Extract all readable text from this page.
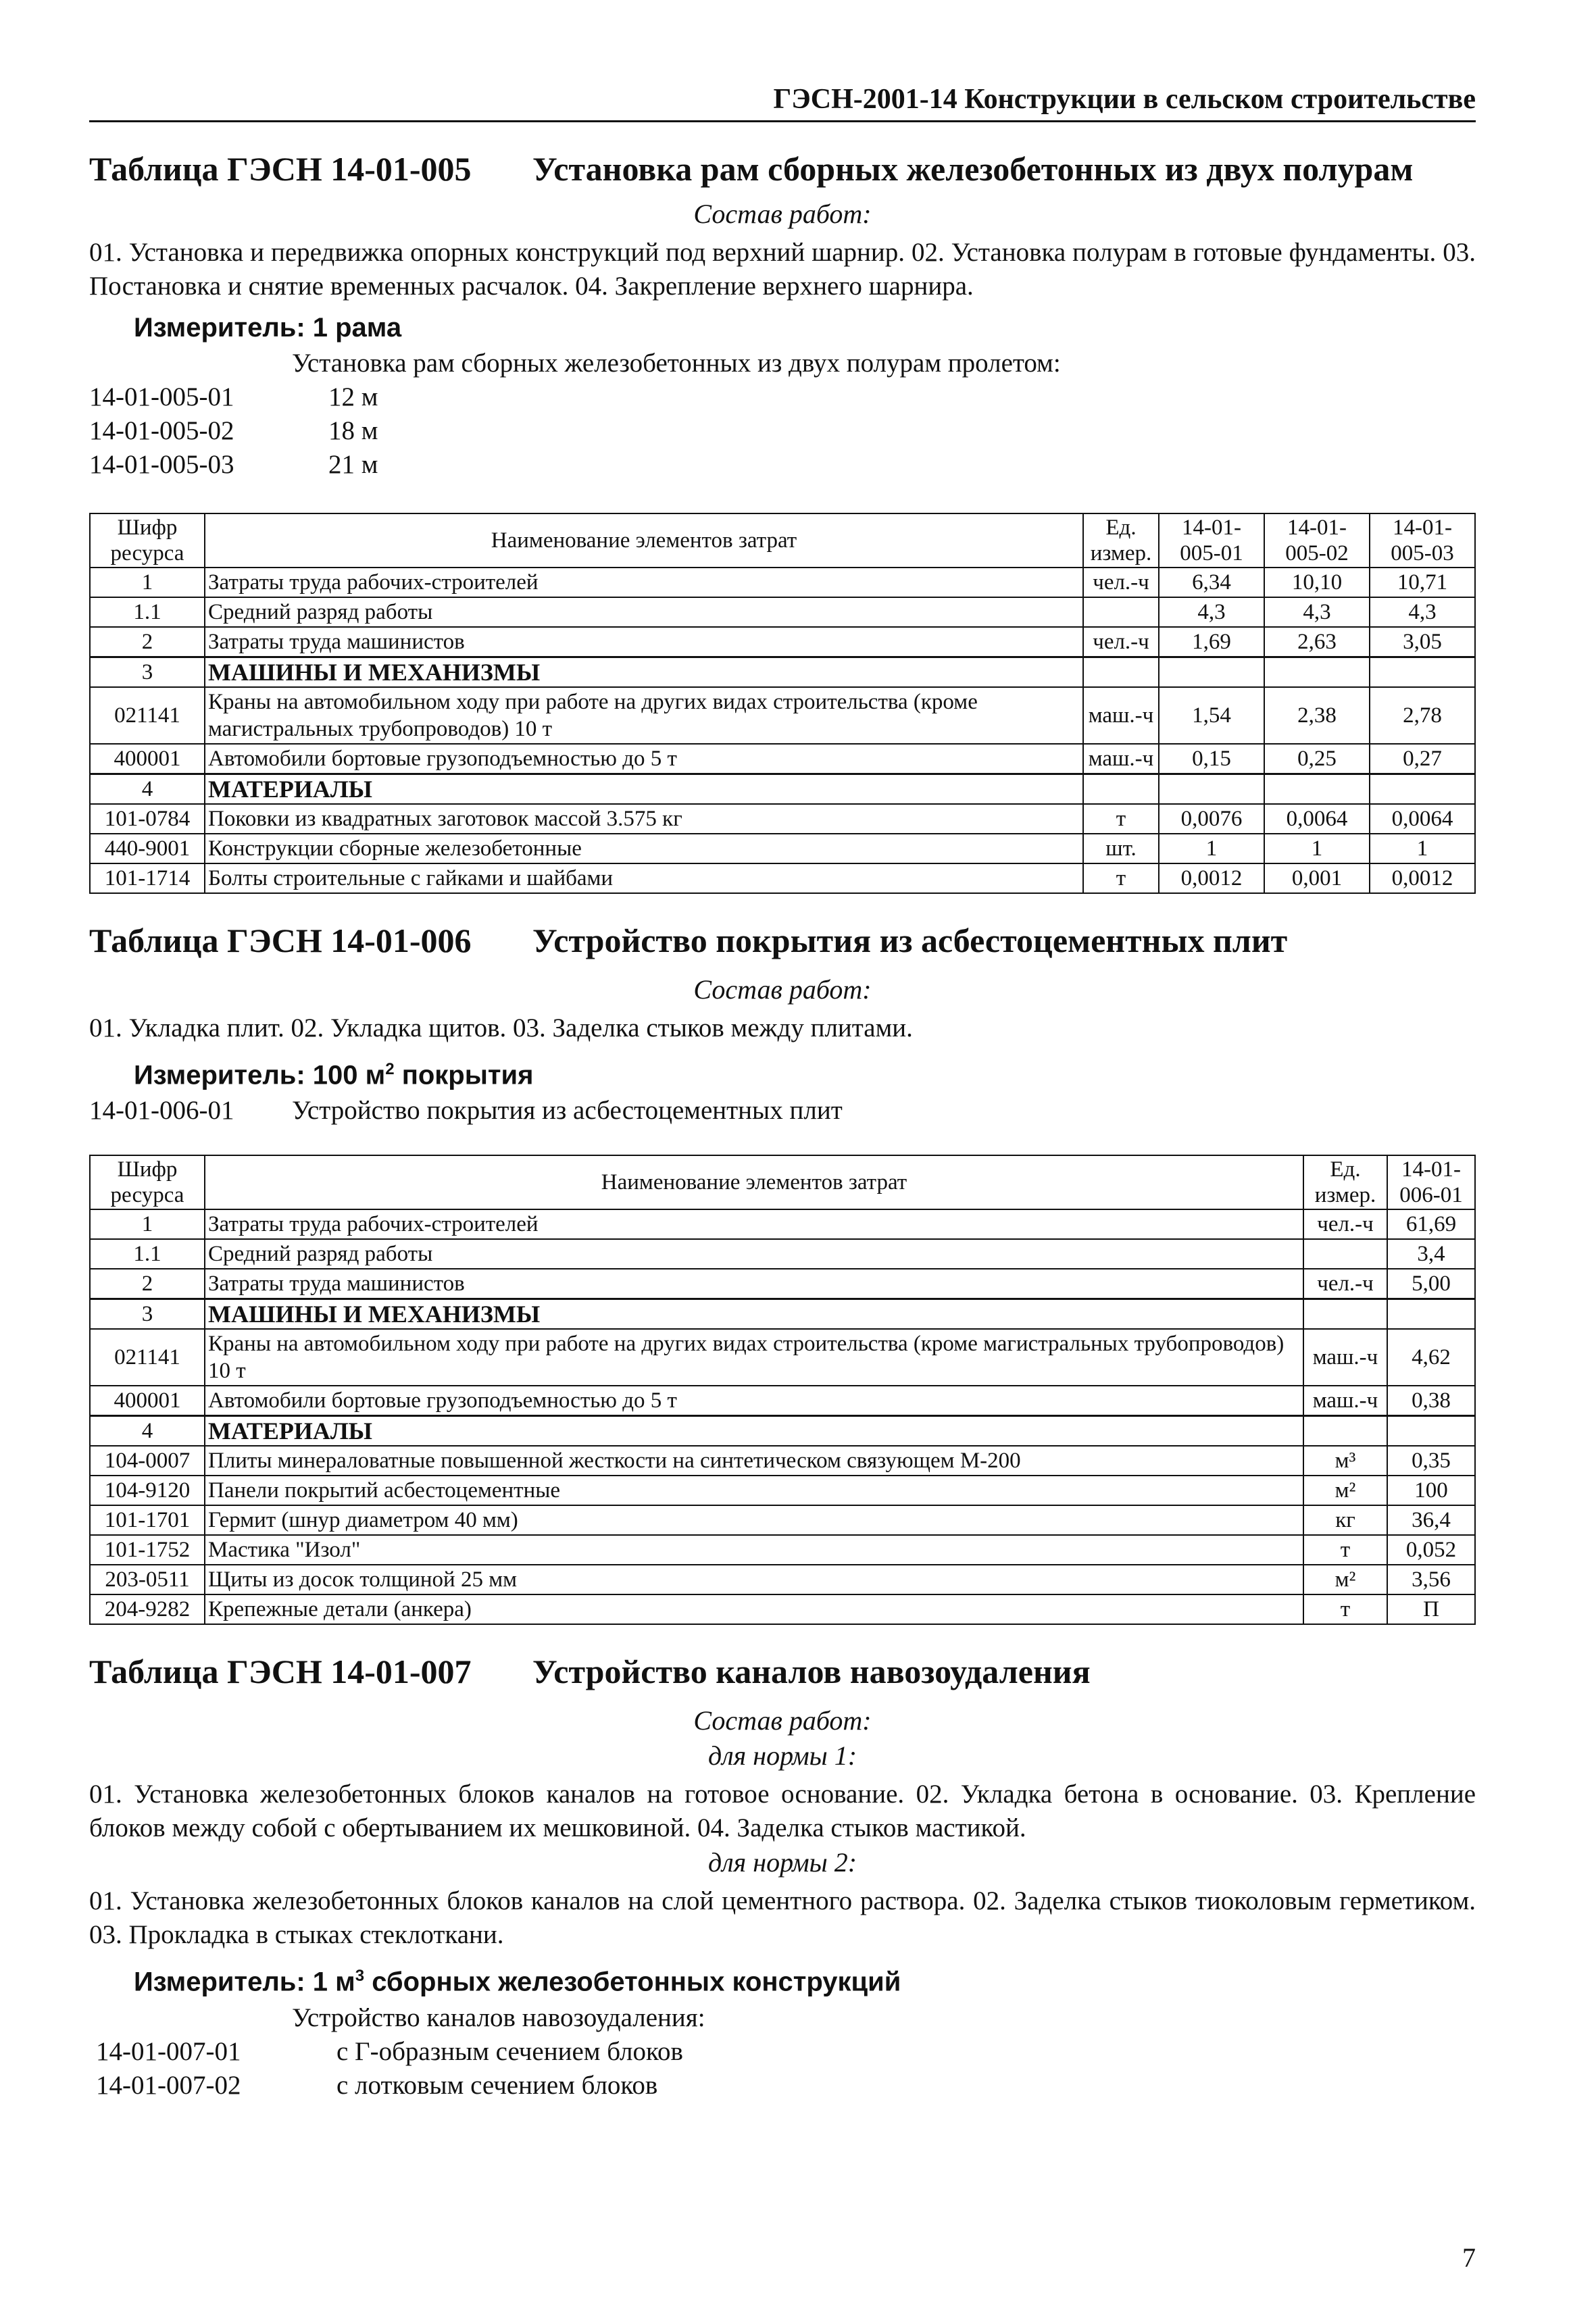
ГЭСН-2001-14 Конструкции в сельском строительстве
Таблица ГЭСН 14-01-005	Установка рам сборных железобетонных из двух полурам
Состав работ:
01. Установка и передвижка опорных конструкций под верхний шарнир. 02. Установка полурам в готовые фундаменты. 03. Постановка и снятие временных расчалок. 04. Закрепление верхнего шарнира.
Измеритель: 1 рама
Установка рам сборных железобетонных из двух полурам пролетом:
14-01-005-01	12 м
14-01-005-02	18 м
14-01-005-03	21 м
Шифр ресурса	Наименование элементов затрат	Ед. измер.	14-01-005-01	14-01-005-02	14-01-005-03
1	Затраты труда рабочих-строителей	чел.-ч	6,34	10,10	10,71
1.1	Средний разряд работы		4,3	4,3	4,3
2	Затраты труда машинистов	чел.-ч	1,69	2,63	3,05
3	МАШИНЫ И МЕХАНИЗМЫ				
021141	Краны на автомобильном ходу при работе на других видах строительства (кроме магистральных трубопроводов) 10 т	маш.-ч	1,54	2,38	2,78
400001	Автомобили бортовые грузоподъемностью до 5 т	маш.-ч	0,15	0,25	0,27
4	МАТЕРИАЛЫ				
101-0784	Поковки из квадратных заготовок массой 3.575 кг	т	0,0076	0,0064	0,0064
440-9001	Конструкции сборные железобетонные	шт.	1	1	1
101-1714	Болты строительные с гайками и шайбами	т	0,0012	0,001	0,0012
Таблица ГЭСН 14-01-006	Устройство покрытия из асбестоцементных плит
Состав работ:
01. Укладка плит. 02. Укладка щитов. 03. Заделка стыков между плитами.
Измеритель: 100 $м^2$ покрытия
14-01-006-01	Устройство покрытия из асбестоцементных плит
Шифр ресурса	Наименование элементов затрат	Ед. измер.	14-01-006-01
1	Затраты труда рабочих-строителей	чел.-ч	61,69
1.1	Средний разряд работы		3,4
2	Затраты труда машинистов	чел.-ч	5,00
3	МАШИНЫ И МЕХАНИЗМЫ		
021141	Краны на автомобильном ходу при работе на других видах строительства (кроме магистральных трубопроводов) 10 т	маш.-ч	4,62
400001	Автомобили бортовые грузоподъемностью до 5 т	маш.-ч	0,38
4	МАТЕРИАЛЫ		
104-0007	Плиты минераловатные повышенной жесткости на синтетическом связующем М-200	м³	0,35
104-9120	Панели покрытий асбестоцементные	м²	100
101-1701	Гермит (шнур диаметром 40 мм)	кг	36,4
101-1752	Мастика "Изол"	т	0,052
203-0511	Щиты из досок толщиной 25 мм	м²	3,56
204-9282	Крепежные детали (анкера)	т	П
Таблица ГЭСН 14-01-007	Устройство каналов навозоудаления
Состав работ:
для нормы 1:
01. Установка железобетонных блоков каналов на готовое основание. 02. Укладка бетона в основание. 03. Крепление блоков между собой с обертыванием их мешковиной. 04. Заделка стыков мастикой.
для нормы 2:
01. Установка железобетонных блоков каналов на слой цементного раствора. 02. Заделка стыков тиоколовым герметиком. 03. Прокладка в стыках стеклоткани.
Измеритель: 1 $м^3$ сборных железобетонных конструкций
Устройство каналов навозоудаления:
14-01-007-01	с Г-образным сечением блоков
14-01-007-02	с лотковым сечением блоков
7
